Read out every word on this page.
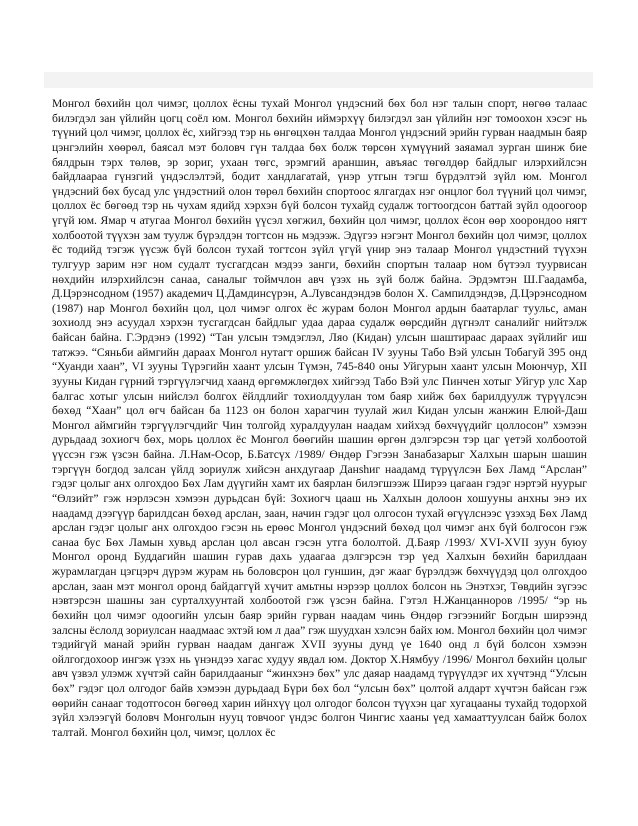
Монгол бөхийн цол чимэг, цоллох ёсны тухай Монгол үндэсний бөх бол нэг талын спорт, нөгөө талаас билэгдэл зан үйлийн цогц соёл юм. Монгол бөхийн иймэрхүү билэгдэл зан үйлийн нэг томоохон хэсэг нь түүний цол чимэг, цоллох ёс, хийгээд тэр нь өнгөцхөн талдаа Монгол үндэсний эрийн гурван наадмын баяр цэнгэлийн хөөрөл, баясал мэт боловч гүн талдаа бөх болж төрсөн хүмүүний заяамал зурган шинж бие бялдрын тэрх төлөв, эр зориг, ухаан төгс, эрэмгий араншин, авъяас төгөлдөр байдлыг илэрхийлсэн байдлаараа гүнзгий үндэслэлтэй, бодит хандлагатай, үнэр утгын тэгш бүрдэлтэй зүйл юм. Монгол үндэсний бөх бусад улс үндэстний олон төрөл бөхийн спортоос ялгагдах нэг онцлог бол түүний цол чимэг, цоллох ёс бөгөөд тэр нь чухам ядийд хэрхэн бүй болсон тухайд судалж тогтоогдсон баттай зүйл одоогоор үгүй юм. Ямар ч атугаа Монгол бөхийн үүсэл хөгжил, бөхийн цол чимэг, цоллох ёсон өөр хоорондоо нягт холбоотой түүхэн зам туулж бүрэлдэн тогтсон нь мэдээж. Эдүгээ нэгэнт Монгол бөхийн цол чимэг, цоллох ёс тодийд тэгэж үүсэж бүй болсон тухай тогтсон зүйл үгүй үнир энэ талаар Монгол үндэстний түүхэн тулгуур зарим нэг ном судалт тусгагдсан мэдээ занги, бөхийн спортын талаар ном бүтээл туурвисан нөхдийн илэрхийлсэн санаа, саналыг тоймчлон авч үзэх нь зүй болж байна. Эрдэмтэн Ш.Гаадамба, Д.Цэрэнсодном (1957) академич Ц.Дамдинсүрэн, А.Лувсандэндэв болон Х. Сампилдэндэв, Д.Цэрэнсодном (1987) нар Монгол бөхийн цол, цол чимэг олгох ёс журам болон Монгол ардын баатарлаг туульс, аман зохиолд энэ асуудал хэрхэн тусгагдсан байдлыг удаа дараа судалж өөрсдийн дүгнэлт саналийг нийтэлж байсан байна. Г.Эрдэнэ (1992) “Тан улсын тэмдэглэл, Ляо (Кидан) улсын шаштираас дараах зүйлийг иш татжээ. “Сяньби аймгийн дараах Монгол нутагт оршиж байсан IV зууны Табо Вэй улсын Тобагуй 395 онд “Хуанди хаан”, VI зууны Түрэгийн хаант улсын Түмэн, 745-840 оны Уйгурын хаант улсын Моюнчур, XII зууны Кидан гүрний тэргүүлэгчид хаанд өргөмжлөгдөх хийгээд Табо Вэй улс Пинчен хотыг Уйгур улс Хар балгас хотыг улсын нийслэл болгох ёйлдлийг тохиолдуулан том баяр хийж бөх барилдуулж түрүүлсэн бөхөд “Хаан” цол өгч байсан ба 1123 он болон харагчин туулай жил Кидан улсын жанжин Елюй-Даш Монгол аймгийн тэргүүлэгчдийг Чин толгойд хуралдуулан наадам хийхэд бөхчүүдийг цоллосон” хэмээн дурьдаад зохиогч бөх, морь цоллох ёс Монгол бөөгийн шашин өргөн дэлгэрсэн тэр цаг үетэй холбоотой үүссэн гэж үзсэн байна. Л.Нам-Осор, Б.Батсүх /1989/ Өндөр Гэгээн Занабазарыг Халхын шарын шашин тэргүүн богдод залсан үйлд зориулж хийсэн анхдугаар Данshиг наадамд түрүүлсэн Бөх Ламд “Арслан” гэдэг цолыг анх олгохдоо Бөх Лам дүүгийн хамт их баярлан билэгшээж Ширээ цагаан гэдэг нэртэй нуурыг “Өлзийт” гэж нэрлэсэн хэмээн дурьдсан бүй: Зохиогч цааш нь Халхын долоон хошууны анхны энэ их наадамд дээгүүр барилдсан бөхөд арслан, заан, начин гэдэг цол олгосон тухай өгүүлснээс үзэхэд Бөх Ламд арслан гэдэг цолыг анх олгохдоо гэсэн нь ерөөс Монгол үндэсний бөхөд цол чимэг анх бүй болгосон гэж санаа бус Бөх Ламын хувьд арслан цол авсан гэсэн утга бололтой. Д.Баяр /1993/ XVI-XVII зуун буюу Монгол оронд Буддагийн шашин гурав дахь удаагаа дэлгэрсэн тэр үед Халхын бөхийн барилдаан журамлагдан цэгцэрч дүрэм журам нь боловсрон цол гуншин, дэг жааг бүрэлдэж бөхчүүдэд цол олгохдоо арслан, заан мэт монгол оронд байдаггүй хүчит амьтны нэрээр цоллох болсон нь Энэтхэг, Төвдийн зүгээс нэвтэрсэн шашны зан сурталхуунтай холбоотой гэж үзсэн байна. Гэтэл Н.Жанцанноров /1995/ “эр нь бөхийн цол чимэг одоогийн улсын баяр эрийн гурван наадам чинь Өндөр гэгээнийг Богдын ширээнд залсны ёслолд зориулсан наадмаас эхтэй юм л даа” гэж шуудхан хэлсэн байх юм. Монгол бөхийн цол чимэг тэдийгүй манай эрийн гурван наадам дангаж XVII зууны дунд үе 1640 онд л бүй болсон хэмээн ойлгогдохоор ингэж үзэх нь үнэндээ хагас худуу явдал юм. Доктор Х.Нямбуу /1996/ Монгол бөхийн цолыг авч үзвэл улэмж хүчтэй сайн барилдааныг “жинхэнэ бөх” улс даяар наадамд түрүүлдэг их хүчтэнд “Улсын бөх” гэдэг цол олгодог байв хэмээн дурьдаад Бүри бөх бол “улсын бөх” цолтой алдарт хүчтэн байсан гэж өөрийн санааг тодотгосон бөгөөд харин ийнхүү цол олгодог болсон түүхэн цаг хугацааны тухайд тодорхой зүйл хэлээгүй боловч Монголын нууц товчоог үндэс болгон Чингис хааны үед хамааттуулсан байж болох талтай. Монгол бөхийн цол, чимэг, цоллох ёс
